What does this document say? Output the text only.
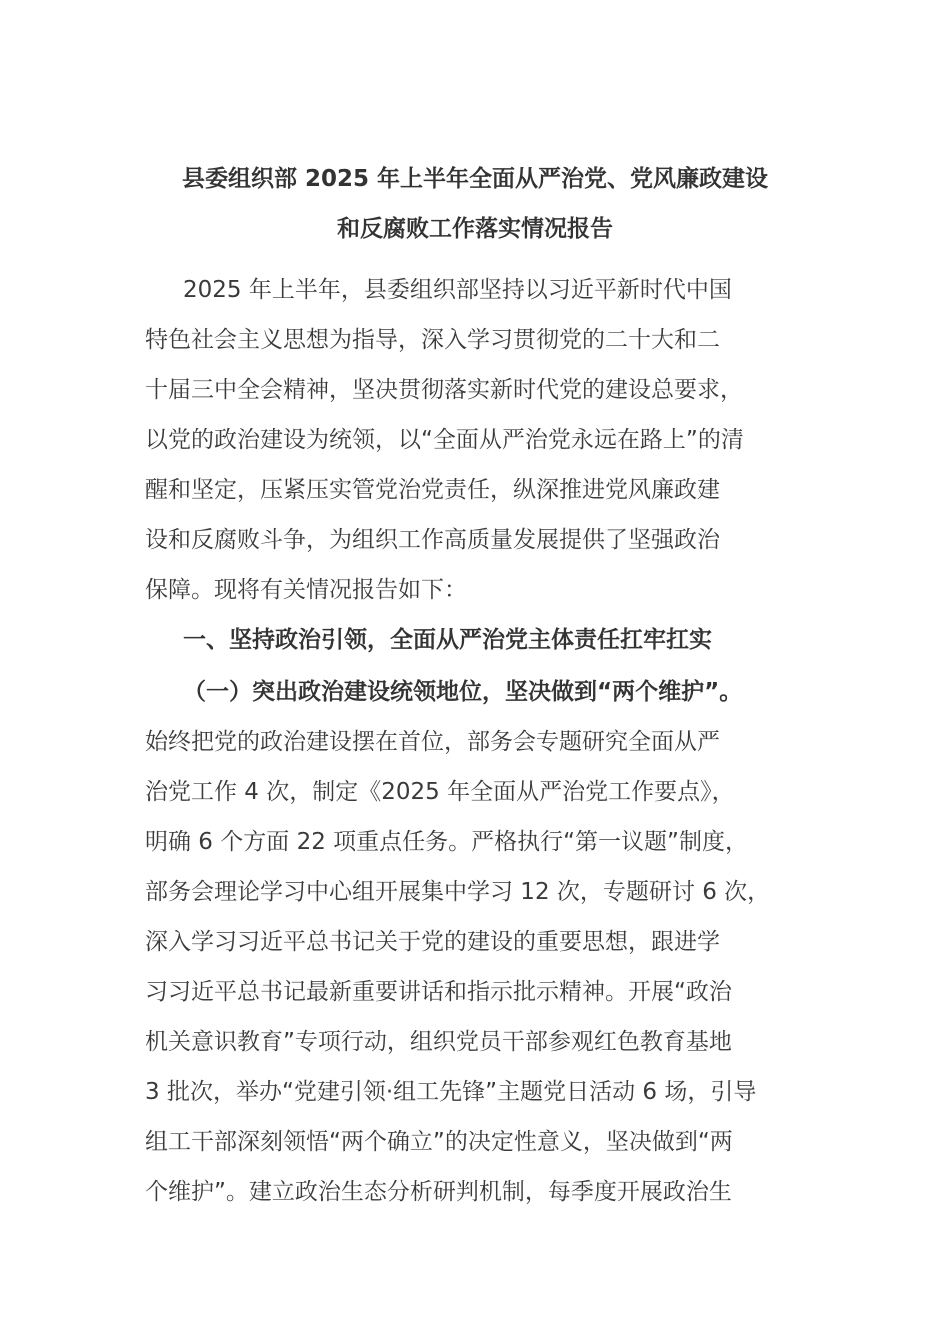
县委组织部 2025 年上半年全面从严治党、党风廉政建设
和反腐败工作落实情况报告
2025 年上半年，县委组织部坚持以习近平新时代中国
特色社会主义思想为指导，深入学习贯彻党的二十大和二
十届三中全会精神，坚决贯彻落实新时代党的建设总要求，
以党的政治建设为统领，以“全面从严治党永远在路上”的清
醒和坚定，压紧压实管党治党责任，纵深推进党风廉政建
设和反腐败斗争，为组织工作高质量发展提供了坚强政治
保障。现将有关情况报告如下：
一、坚持政治引领，全面从严治党主体责任扛牢扛实
（一）突出政治建设统领地位，坚决做到“两个维护”。
始终把党的政治建设摆在首位，部务会专题研究全面从严
治党工作 4 次，制定《2025 年全面从严治党工作要点》，
明确 6 个方面 22 项重点任务。严格执行“第一议题”制度，
部务会理论学习中心组开展集中学习 12 次，专题研讨 6 次，
深入学习习近平总书记关于党的建设的重要思想，跟进学
习习近平总书记最新重要讲话和指示批示精神。开展“政治
机关意识教育”专项行动，组织党员干部参观红色教育基地
3 批次，举办“党建引领·组工先锋”主题党日活动 6 场，引导
组工干部深刻领悟“两个确立”的决定性意义，坚决做到“两
个维护”。建立政治生态分析研判机制，每季度开展政治生
